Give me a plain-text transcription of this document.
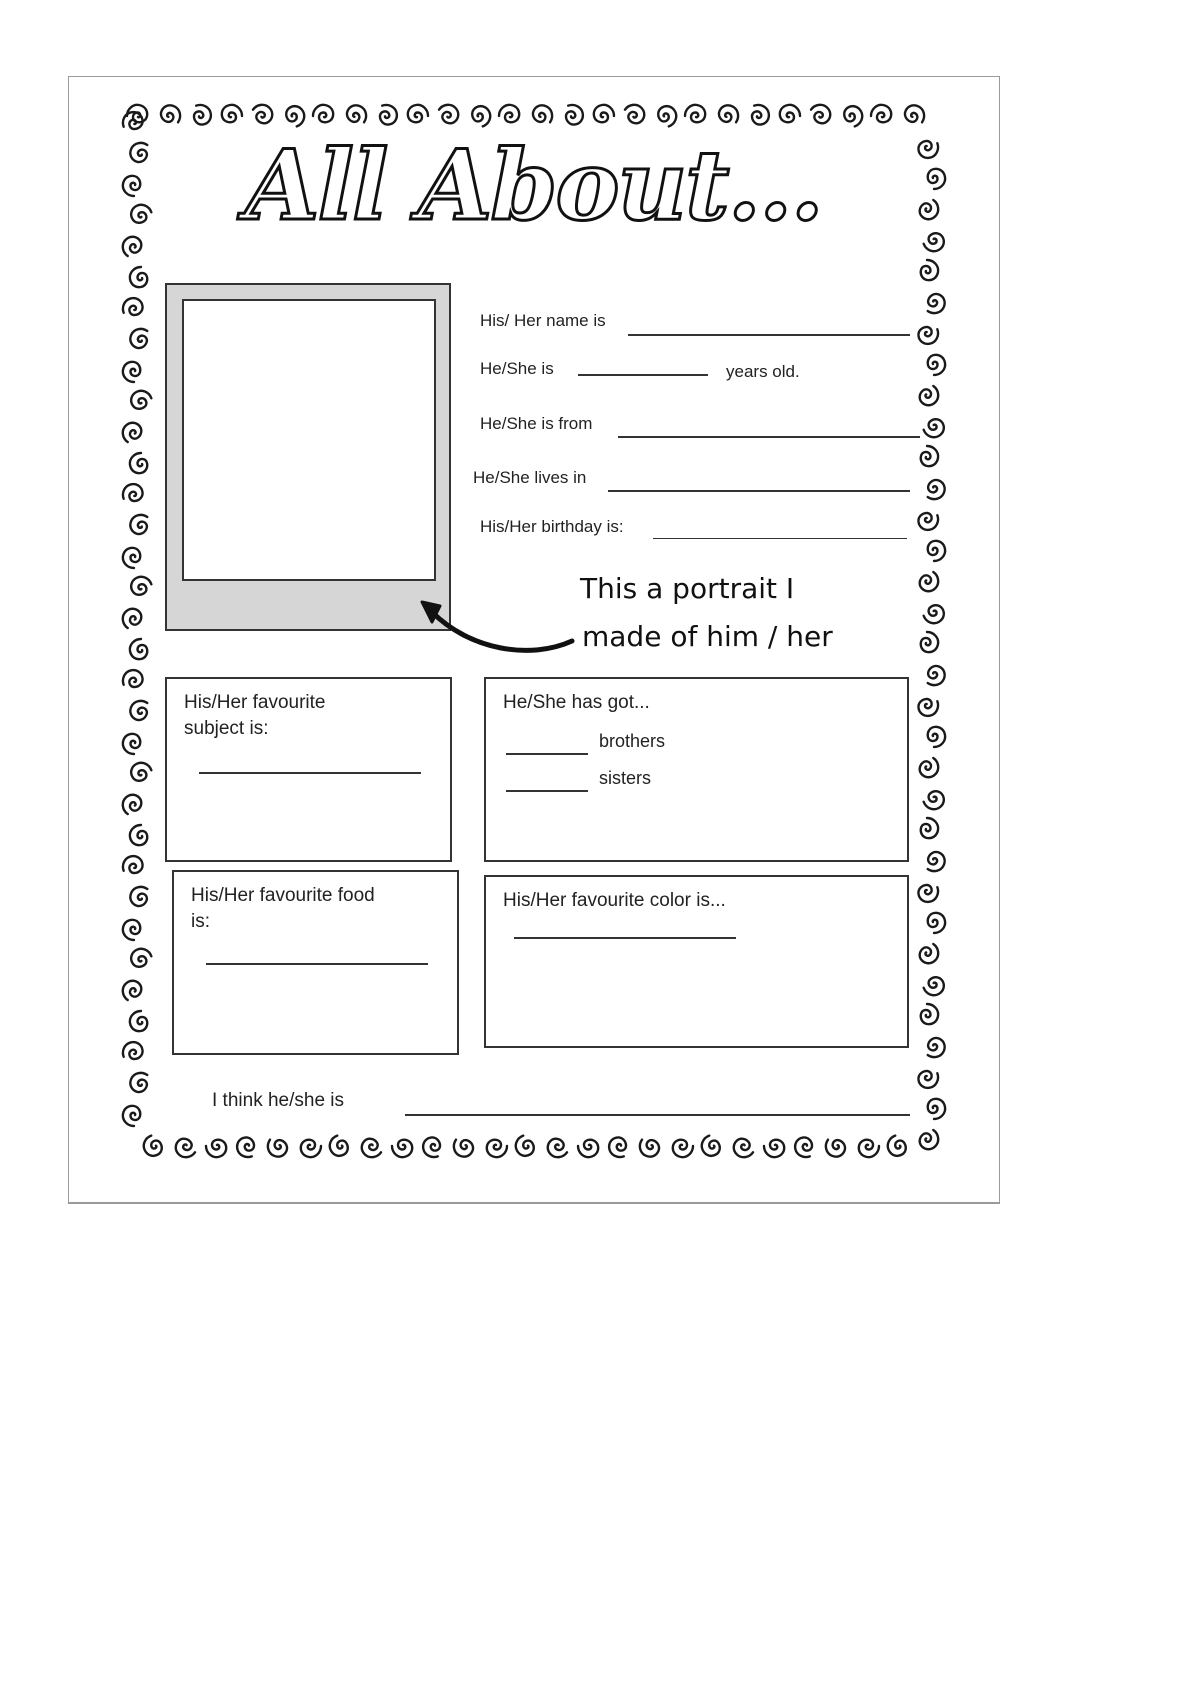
All About...
His/ Her name is
He/She is	years old.
He/She is from
He/She lives in
His/Her birthday is:
This a portrait I
made of him / her
His/Her favourite
subject is:
He/She has got...
brothers
sisters
His/Her favourite food
is:
His/Her favourite color is...
I think he/she is
